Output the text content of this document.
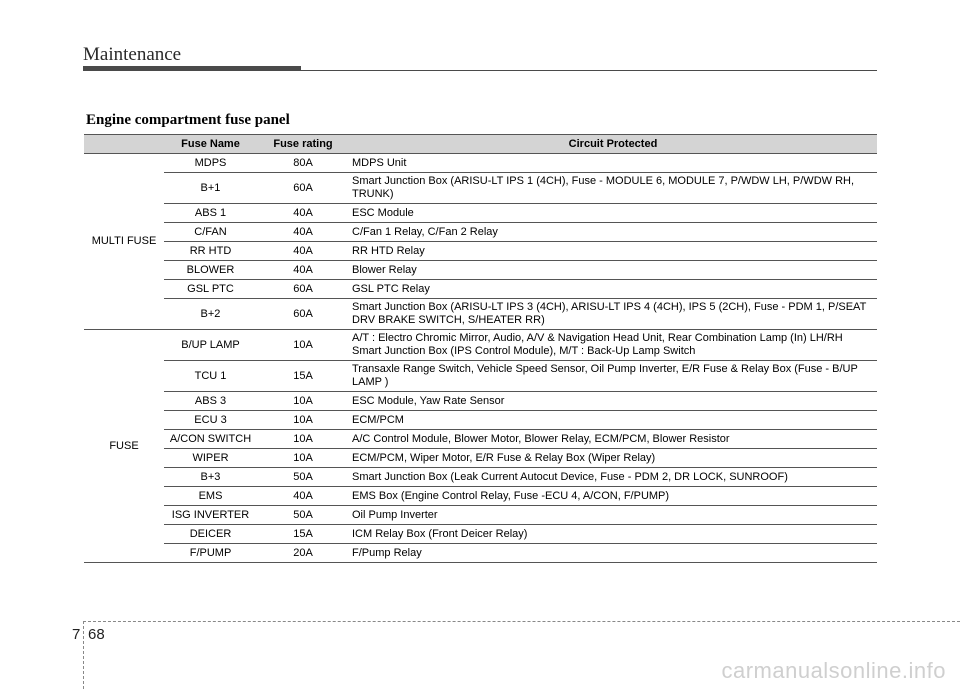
Maintenance
Engine compartment fuse panel
	Fuse Name	Fuse rating	Circuit Protected
MULTI FUSE	MDPS	80A	MDPS Unit
	B+1	60A	Smart Junction Box (ARISU-LT IPS 1 (4CH), Fuse - MODULE 6, MODULE 7, P/WDW LH, P/WDW RH, TRUNK)
	ABS 1	40A	ESC Module
	C/FAN	40A	C/Fan 1 Relay, C/Fan 2 Relay
	RR HTD	40A	RR HTD Relay
	BLOWER	40A	Blower Relay
	GSL PTC	60A	GSL PTC Relay
	B+2	60A	Smart Junction Box (ARISU-LT IPS 3 (4CH), ARISU-LT IPS 4 (4CH), IPS 5 (2CH), Fuse - PDM 1, P/SEAT DRV BRAKE SWITCH, S/HEATER RR)
FUSE	B/UP LAMP	10A	A/T : Electro Chromic Mirror, Audio, A/V & Navigation Head Unit, Rear Combination Lamp (In) LH/RH Smart Junction Box (IPS Control Module), M/T : Back-Up Lamp Switch
	TCU 1	15A	Transaxle Range Switch, Vehicle Speed Sensor, Oil Pump Inverter, E/R Fuse & Relay Box (Fuse - B/UP LAMP )
	ABS 3	10A	ESC Module, Yaw Rate Sensor
	ECU 3	10A	ECM/PCM
	A/CON SWITCH	10A	A/C Control Module, Blower Motor, Blower Relay, ECM/PCM, Blower Resistor
	WIPER	10A	ECM/PCM, Wiper Motor, E/R Fuse & Relay Box (Wiper Relay)
	B+3	50A	Smart Junction Box (Leak Current Autocut Device, Fuse - PDM 2, DR LOCK, SUNROOF)
	EMS	40A	EMS Box (Engine Control Relay, Fuse -ECU 4, A/CON, F/PUMP)
	ISG INVERTER	50A	Oil Pump Inverter
	DEICER	15A	ICM Relay Box (Front Deicer Relay)
	F/PUMP	20A	F/Pump Relay
7 68
carmanualsonline.info
